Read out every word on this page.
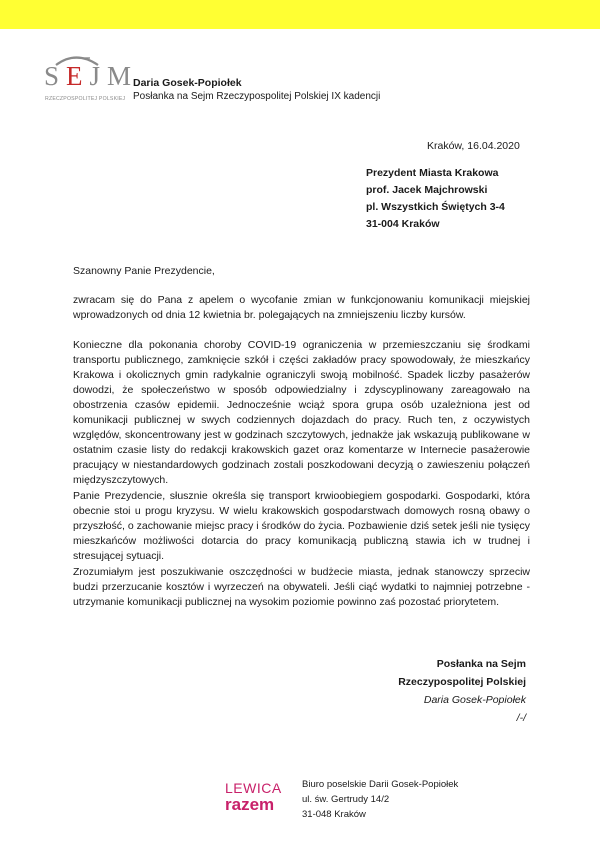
SEJM
RZECZPOSPOLITEJ POLSKIEJ
Daria Gosek-Popiołek
Posłanka na Sejm Rzeczypospolitej Polskiej IX kadencji
Kraków, 16.04.2020
Prezydent Miasta Krakowa
prof. Jacek Majchrowski
pl. Wszystkich Świętych 3-4
31-004 Kraków
Szanowny Panie Prezydencie,

zwracam się do Pana z apelem o wycofanie zmian w funkcjonowaniu komunikacji miejskiej wprowadzonych od dnia 12 kwietnia br. polegających na zmniejszeniu liczby kursów.

Konieczne dla pokonania choroby COVID-19 ograniczenia w przemieszczaniu się środkami transportu publicznego, zamknięcie szkół i części zakładów pracy spowodowały, że mieszkańcy Krakowa i okolicznych gmin radykalnie ograniczyli swoją mobilność. Spadek liczby pasażerów dowodzi, że społeczeństwo w sposób odpowiedzialny i zdyscyplinowany zareagowało na obostrzenia czasów epidemii. Jednocześnie wciąż spora grupa osób uzależniona jest od komunikacji publicznej w swych codziennych dojazdach do pracy. Ruch ten, z oczywistych względów, skoncentrowany jest w godzinach szczytowych, jednakże jak wskazują publikowane w ostatnim czasie listy do redakcji krakowskich gazet oraz komentarze w Internecie pasażerowie pracujący w niestandardowych godzinach zostali poszkodowani decyzją o zawieszeniu połączeń międzyszczytowych.

Panie Prezydencie, słusznie określa się transport krwioobiegiem gospodarki. Gospodarki, która obecnie stoi u progu kryzysu. W wielu krakowskich gospodarstwach domowych rosną obawy o przyszłość, o zachowanie miejsc pracy i środków do życia. Pozbawienie dziś setek jeśli nie tysięcy mieszkańców możliwości dotarcia do pracy komunikacją publiczną stawia ich w trudnej i stresującej sytuacji.

Zrozumiałym jest poszukiwanie oszczędności w budżecie miasta, jednak stanowczy sprzeciw budzi przerzucanie kosztów i wyrzeczeń na obywateli. Jeśli ciąć wydatki to najmniej potrzebne - utrzymanie komunikacji publicznej na wysokim poziomie powinno zaś pozostać priorytetem.

Posłanka na Sejm
Rzeczypospolitej Polskiej
Daria Gosek-Popiołek
/-/
LEWICA
razem
Biuro poselskie Darii Gosek-Popiołek
ul. św. Gertrudy 14/2
31-048 Kraków
